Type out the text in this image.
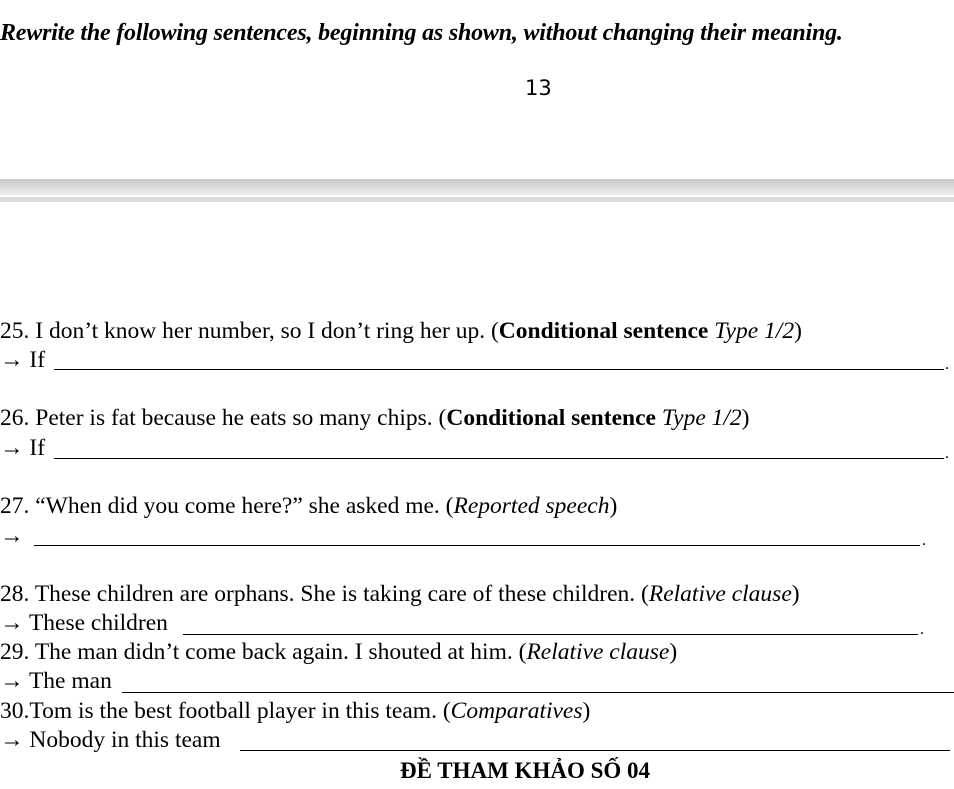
Rewrite the following sentences, beginning as shown, without changing their meaning.
13
25. I don’t know her number, so I don’t ring her up. (Conditional sentence Type 1/2)
→ If	.
26. Peter is fat because he eats so many chips. (Conditional sentence Type 1/2)
→ If	.
27. “When did you come here?” she asked me. (Reported speech)
→	.
28. These children are orphans. She is taking care of these children. (Relative clause)
→ These children	.
29. The man didn’t come back again. I shouted at him. (Relative clause)
→ The man
30.Tom is the best football player in this team. (Comparatives)
→ Nobody in this team
ĐỀ THAM KHẢO SỐ 04
